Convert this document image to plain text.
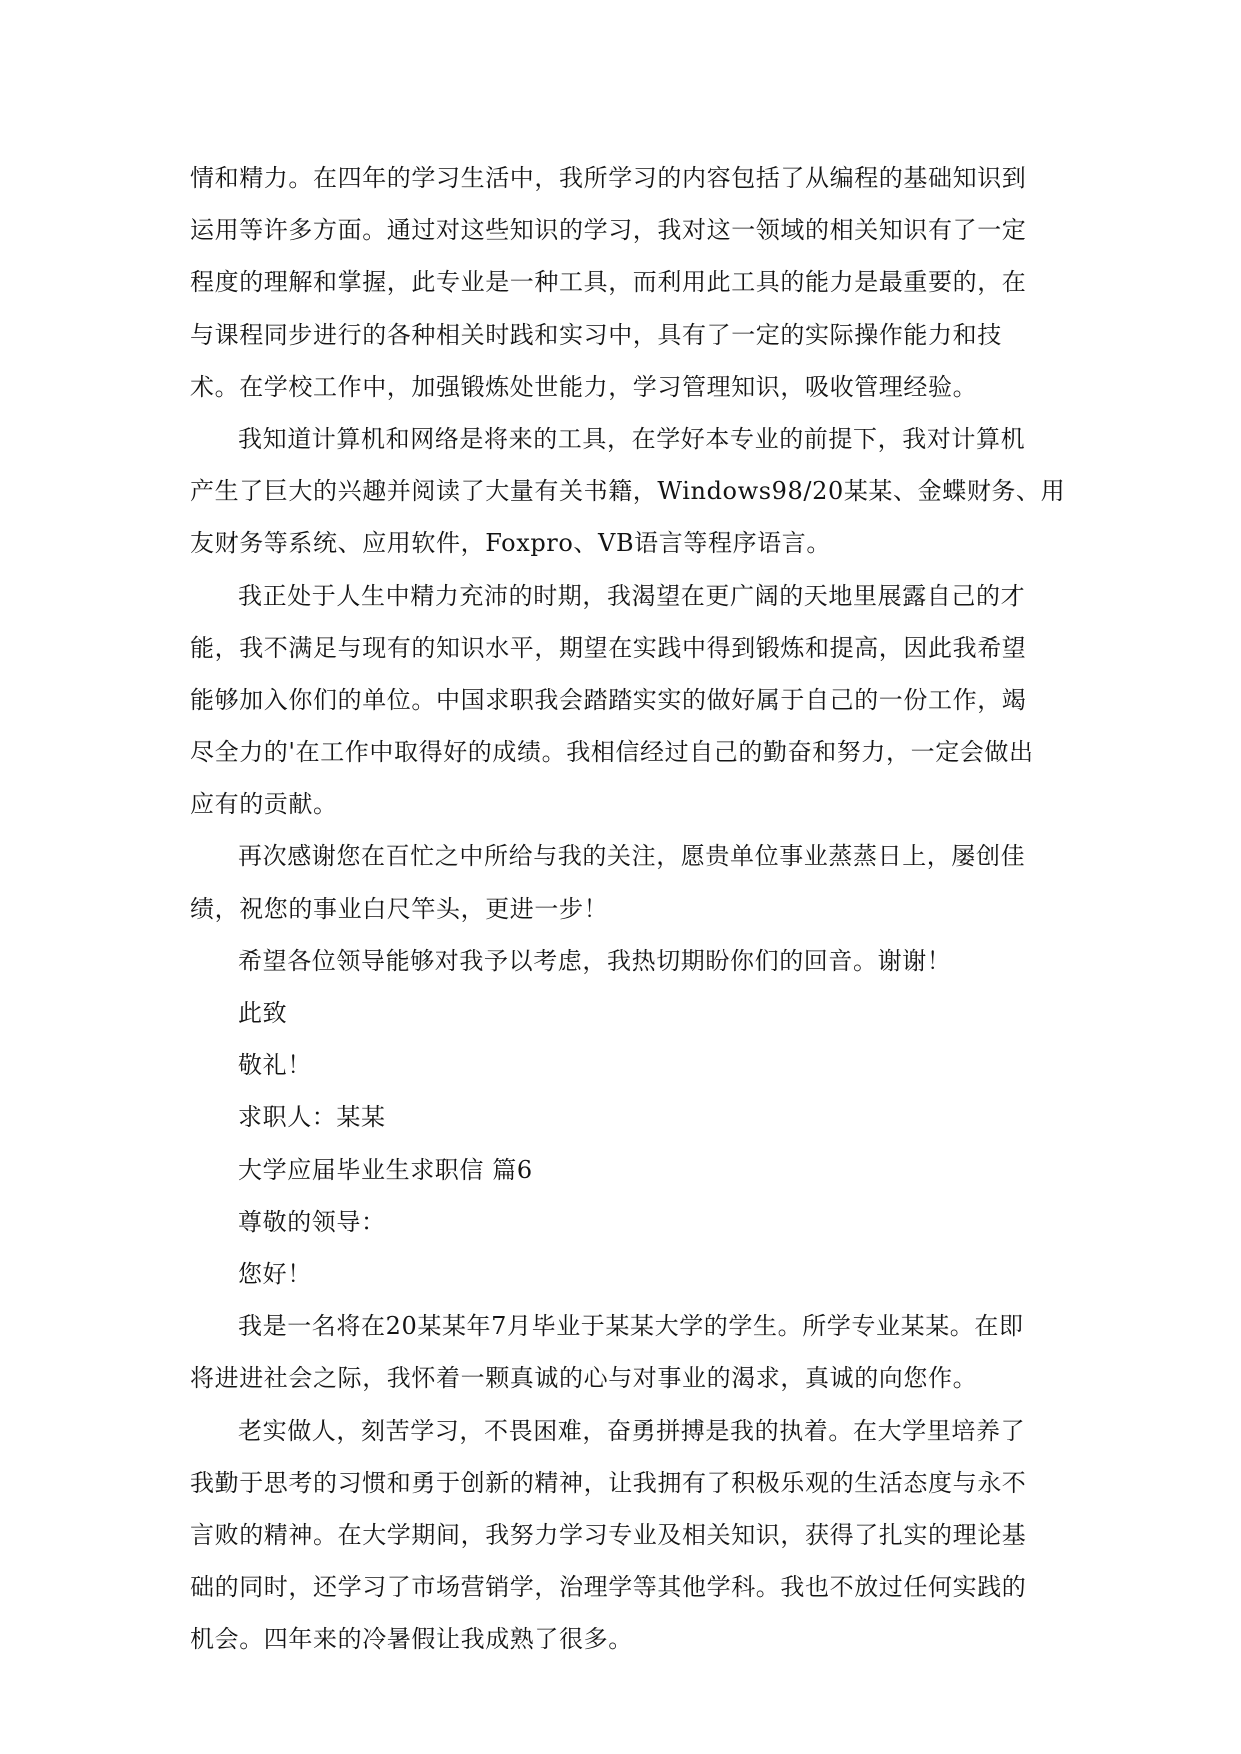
情和精力。在四年的学习生活中，我所学习的内容包括了从编程的基础知识到
运用等许多方面。通过对这些知识的学习，我对这一领域的相关知识有了一定
程度的理解和掌握，此专业是一种工具，而利用此工具的能力是最重要的，在
与课程同步进行的各种相关时践和实习中，具有了一定的实际操作能力和技
术。在学校工作中，加强锻炼处世能力，学习管理知识，吸收管理经验。
我知道计算机和网络是将来的工具，在学好本专业的前提下，我对计算机
产生了巨大的兴趣并阅读了大量有关书籍，Windows98/20某某、金蝶财务、用
友财务等系统、应用软件，Foxpro、VB语言等程序语言。
我正处于人生中精力充沛的时期，我渴望在更广阔的天地里展露自己的才
能，我不满足与现有的知识水平，期望在实践中得到锻炼和提高，因此我希望
能够加入你们的单位。中国求职我会踏踏实实的做好属于自己的一份工作，竭
尽全力的'在工作中取得好的成绩。我相信经过自己的勤奋和努力，一定会做出
应有的贡献。
再次感谢您在百忙之中所给与我的关注，愿贵单位事业蒸蒸日上，屡创佳
绩，祝您的事业白尺竿头，更进一步！
希望各位领导能够对我予以考虑，我热切期盼你们的回音。谢谢！
此致
敬礼！
求职人：某某
大学应届毕业生求职信 篇6
尊敬的领导：
您好！
我是一名将在20某某年7月毕业于某某大学的学生。所学专业某某。在即
将进进社会之际，我怀着一颗真诚的心与对事业的渴求，真诚的向您作。
老实做人，刻苦学习，不畏困难，奋勇拼搏是我的执着。在大学里培养了
我勤于思考的习惯和勇于创新的精神，让我拥有了积极乐观的生活态度与永不
言败的精神。在大学期间，我努力学习专业及相关知识，获得了扎实的理论基
础的同时，还学习了市场营销学，治理学等其他学科。我也不放过任何实践的
机会。四年来的冷暑假让我成熟了很多。
